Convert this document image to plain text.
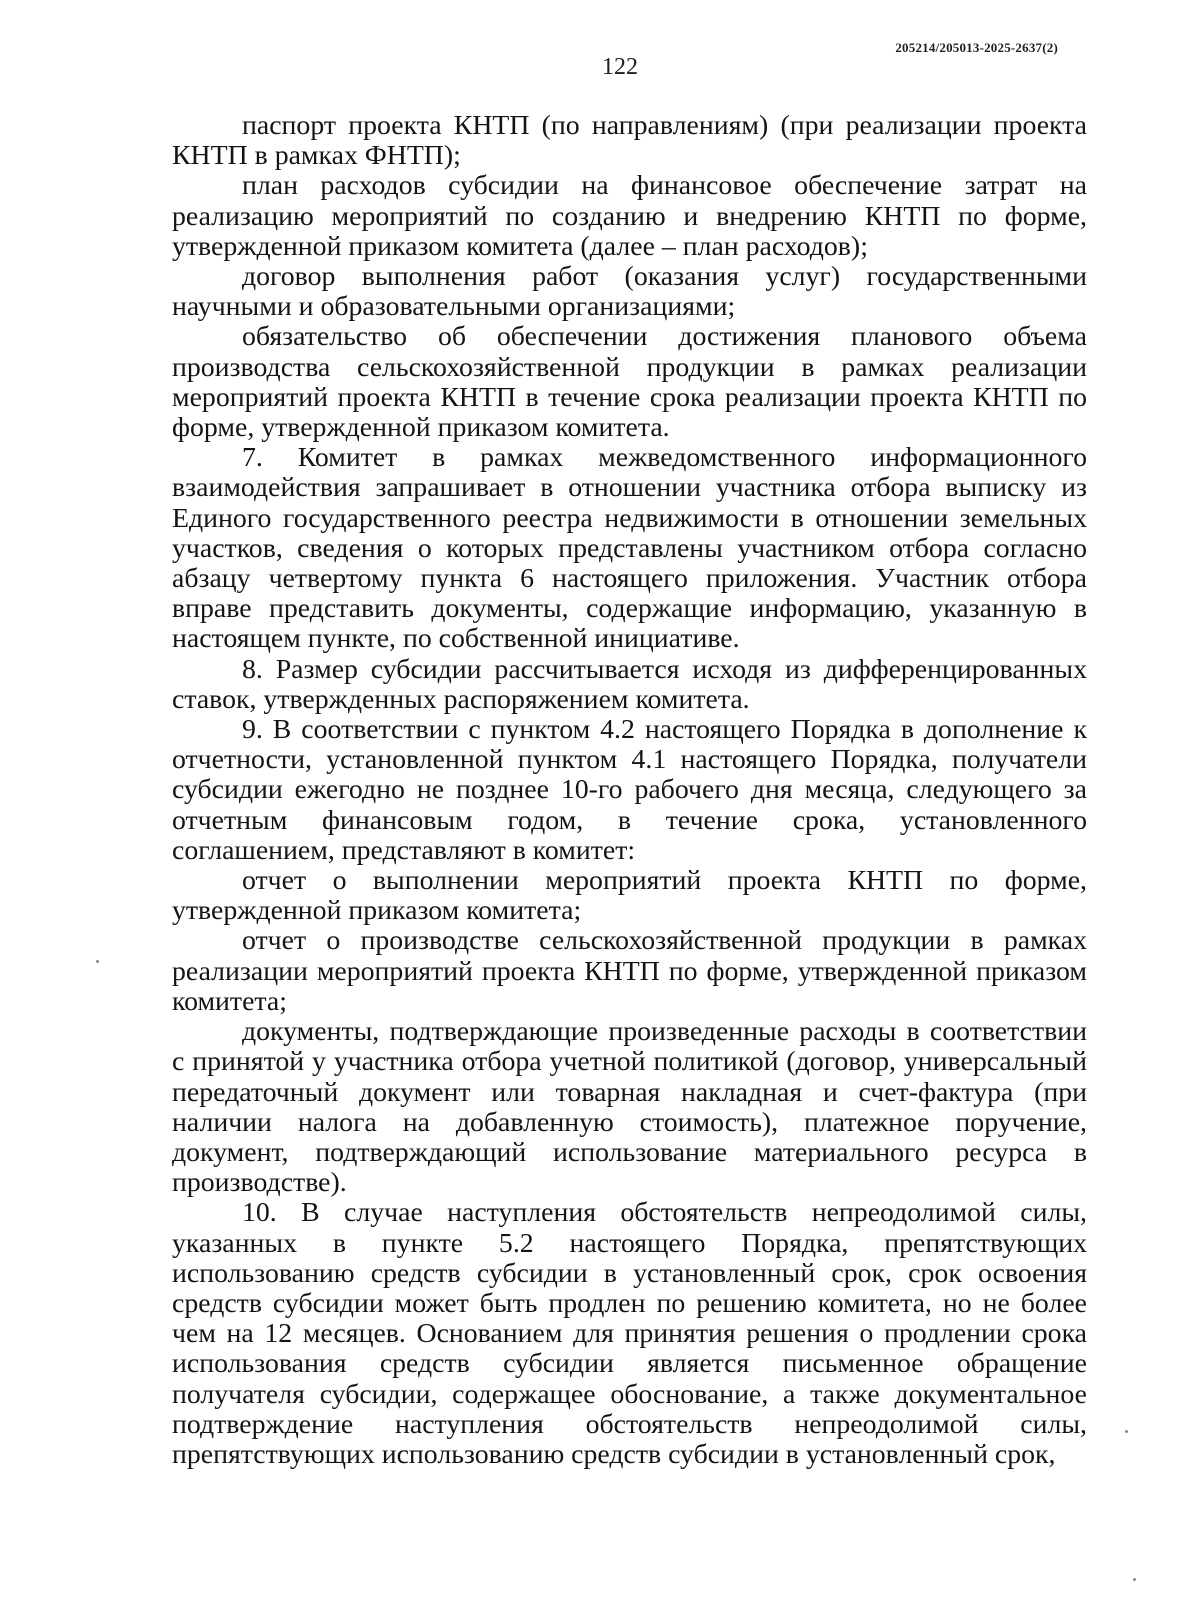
205214/205013-2025-2637(2)
122

паспорт проекта КНТП (по направлениям) (при реализации проекта КНТП в рамках ФНТП);

план расходов субсидии на финансовое обеспечение затрат на реализацию мероприятий по созданию и внедрению КНТП по форме, утвержденной приказом комитета (далее – план расходов);

договор выполнения работ (оказания услуг) государственными научными и образовательными организациями;

обязательство об обеспечении достижения планового объема производства сельскохозяйственной продукции в рамках реализации мероприятий проекта КНТП в течение срока реализации проекта КНТП по форме, утвержденной приказом комитета.

7. Комитет в рамках межведомственного информационного взаимодействия запрашивает в отношении участника отбора выписку из Единого государственного реестра недвижимости в отношении земельных участков, сведения о которых представлены участником отбора согласно абзацу четвертому пункта 6 настоящего приложения. Участник отбора вправе представить документы, содержащие информацию, указанную в настоящем пункте, по собственной инициативе.

8. Размер субсидии рассчитывается исходя из дифференцированных ставок, утвержденных распоряжением комитета.

9. В соответствии с пунктом 4.2 настоящего Порядка в дополнение к отчетности, установленной пунктом 4.1 настоящего Порядка, получатели субсидии ежегодно не позднее 10-го рабочего дня месяца, следующего за отчетным финансовым годом, в течение срока, установленного соглашением, представляют в комитет:

отчет о выполнении мероприятий проекта КНТП по форме, утвержденной приказом комитета;

отчет о производстве сельскохозяйственной продукции в рамках реализации мероприятий проекта КНТП по форме, утвержденной приказом комитета;

документы, подтверждающие произведенные расходы в соответствии с принятой у участника отбора учетной политикой (договор, универсальный передаточный документ или товарная накладная и счет-фактура (при наличии налога на добавленную стоимость), платежное поручение, документ, подтверждающий использование материального ресурса в производстве).

10. В случае наступления обстоятельств непреодолимой силы, указанных в пункте 5.2 настоящего Порядка, препятствующих использованию средств субсидии в установленный срок, срок освоения средств субсидии может быть продлен по решению комитета, но не более чем на 12 месяцев. Основанием для принятия решения о продлении срока использования средств субсидии является письменное обращение получателя субсидии, содержащее обоснование, а также документальное подтверждение наступления обстоятельств непреодолимой силы, препятствующих использованию средств субсидии в установленный срок,
